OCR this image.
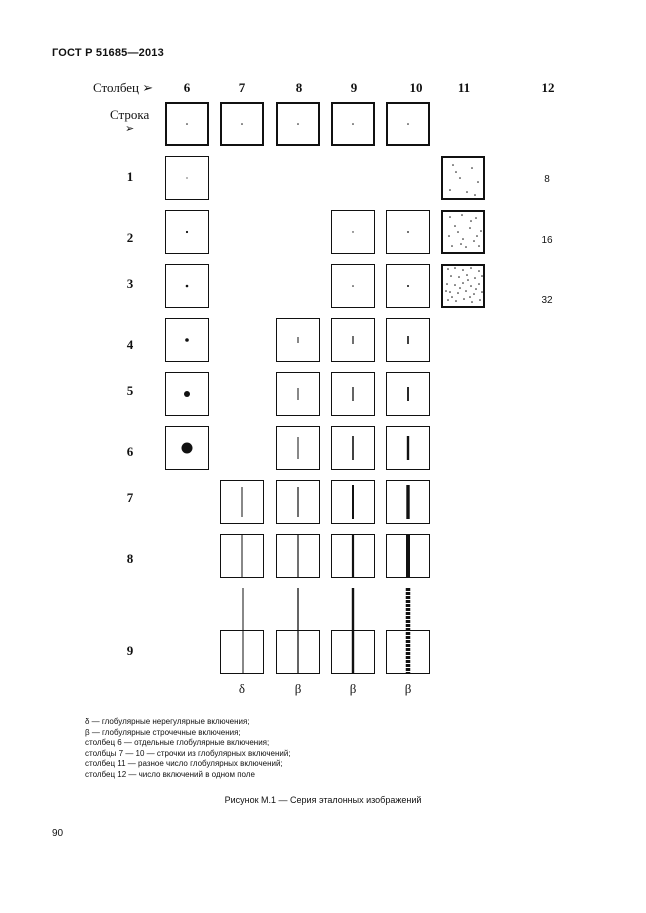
ГОСТ Р 51685—2013
Столбец ➢	6	7	8	9	10	11	12
Строка
➢
1
2
3
4
5
6
7
8
9
8
16
32
δ	β	β	β
δ — глобулярные нерегулярные включения;
β — глобулярные строчечные включения;
столбец 6 — отдельные глобулярные включения;
столбцы 7 — 10 — строчки из глобулярных включений;
столбец 11 — разное число глобулярных включений;
столбец 12 — число включений в одном поле
Рисунок М.1 — Серия эталонных изображений
90
